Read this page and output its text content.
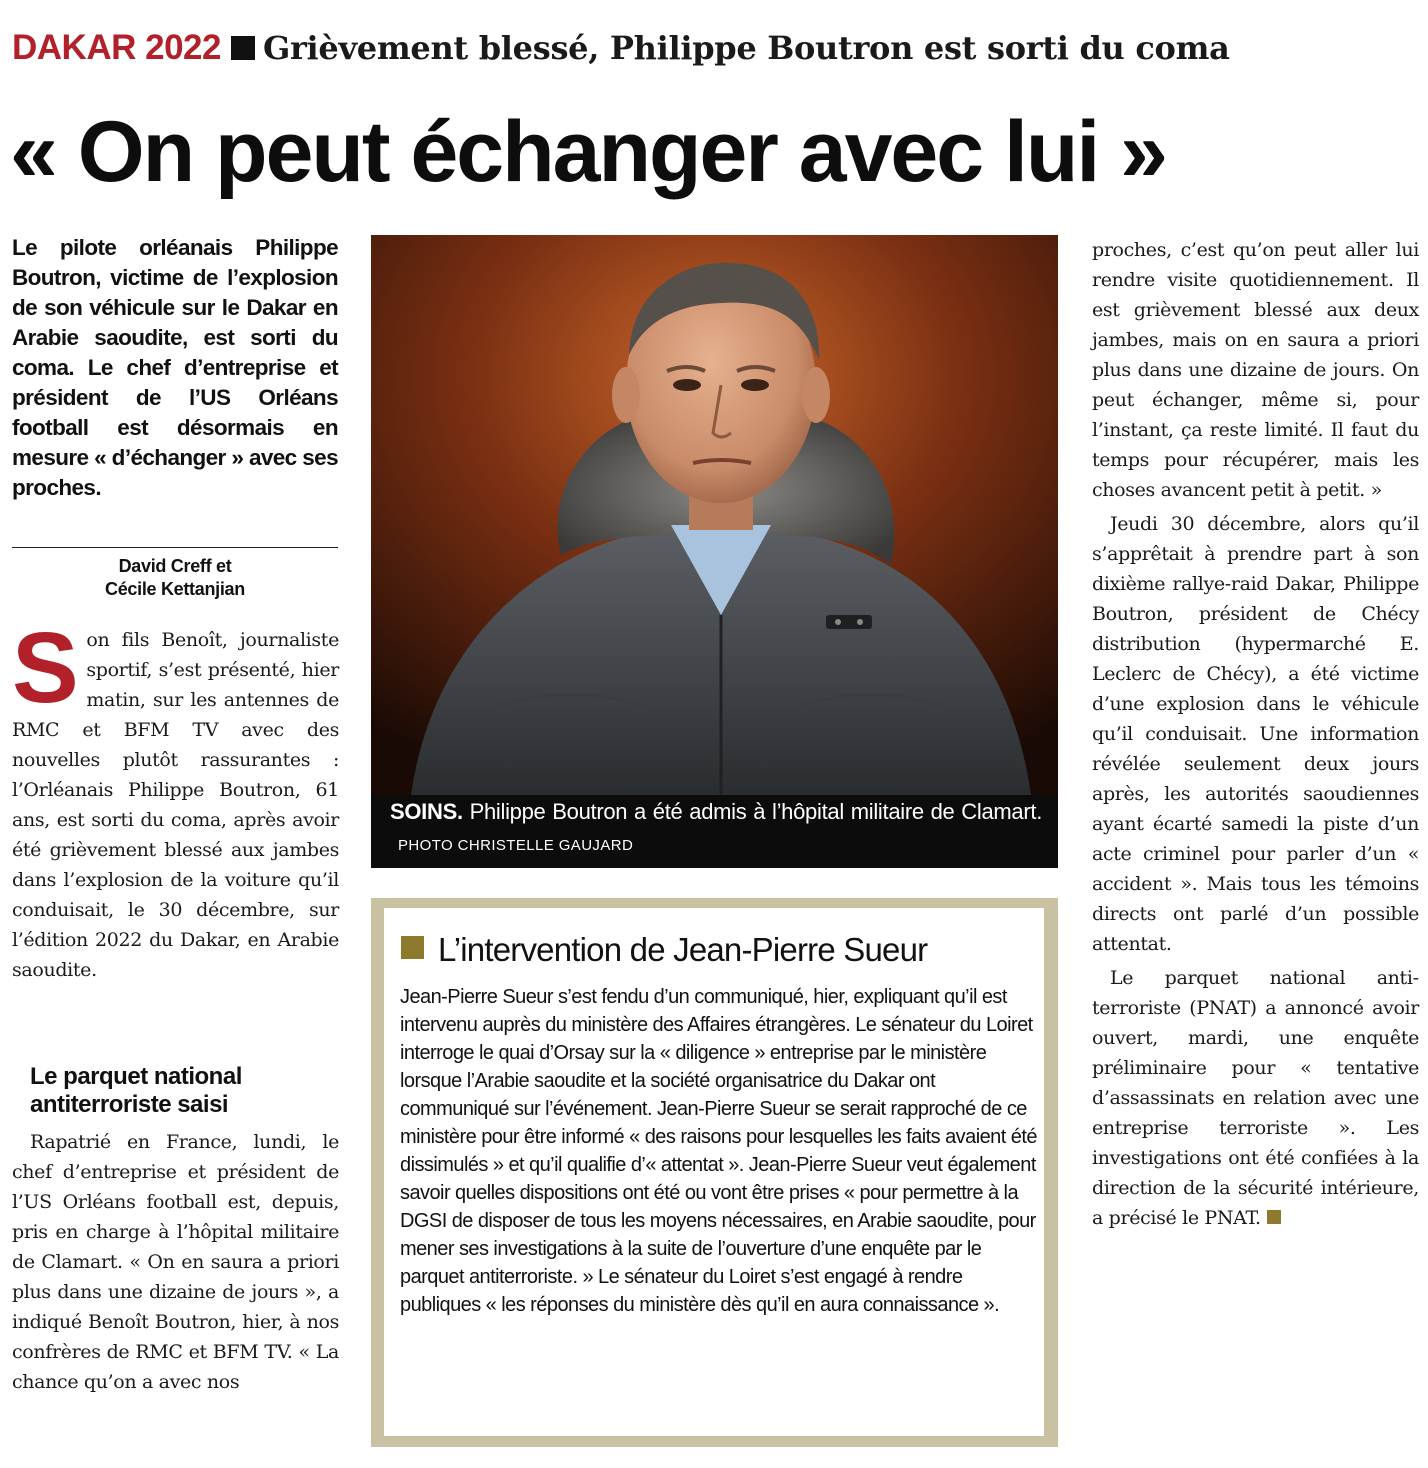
DAKAR 2022 Grièvement blessé, Philippe Boutron est sorti du coma
« On peut échanger avec lui »
Le pilote orléanais Philippe Boutron, victime de l’explosion de son véhicule sur le Dakar en Arabie saoudite, est sorti du coma. Le chef d’entreprise et président de l’US Orléans football est désormais en mesure « d’échanger » avec ses proches.
David Creff et
Cécile Kettanjian
Son fils Benoît, journaliste sportif, s’est présenté, hier matin, sur les antennes de RMC et BFM TV avec des nouvelles plutôt rassurantes : l’Orléanais Philippe Boutron, 61 ans, est sorti du coma, après avoir été grièvement blessé aux jambes dans l’explosion de la voiture qu’il conduisait, le 30 décembre, sur l’édition 2022 du Dakar, en Arabie saoudite.
Le parquet national antiterroriste saisi

Rapatrié en France, lundi, le chef d’entreprise et président de l’US Orléans football est, depuis, pris en charge à l’hôpital militaire de Clamart. « On en saura a priori plus dans une dizaine de jours », a indiqué Benoît Boutron, hier, à nos confrères de RMC et BFM TV. « La chance qu’on a avec nos

SOINS. Philippe Boutron a été admis à l’hôpital militaire de Clamart. PHOTO CHRISTELLE GAUJARD
L’intervention de Jean-Pierre Sueur
Jean-Pierre Sueur s’est fendu d’un communiqué, hier, expliquant qu’il est intervenu auprès du ministère des Affaires étrangères. Le sénateur du Loiret interroge le quai d’Orsay sur la « diligence » entreprise par le ministère lorsque l’Arabie saoudite et la société organisatrice du Dakar ont communiqué sur l’événement. Jean-Pierre Sueur se serait rapproché de ce ministère pour être informé « des raisons pour lesquelles les faits avaient été dissimulés » et qu’il qualifie d’« attentat ». Jean-Pierre Sueur veut également savoir quelles dispositions ont été ou vont être prises « pour permettre à la DGSI de disposer de tous les moyens nécessaires, en Arabie saoudite, pour mener ses investigations à la suite de l’ouverture d’une enquête par le parquet antiterroriste. » Le sénateur du Loiret s’est engagé à rendre publiques « les réponses du ministère dès qu’il en aura connaissance ».

proches, c’est qu’on peut aller lui rendre visite quotidiennement. Il est grièvement blessé aux deux jambes, mais on en saura a priori plus dans une dizaine de jours. On peut échanger, même si, pour l’instant, ça reste limité. Il faut du temps pour récupérer, mais les choses avancent petit à petit. »

Jeudi 30 décembre, alors qu’il s’apprêtait à prendre part à son dixième rallye-raid Dakar, Philippe Boutron, président de Chécy distribution (hypermarché E. Leclerc de Chécy), a été victime d’une explosion dans le véhicule qu’il conduisait. Une information révélée seulement deux jours après, les autorités saoudiennes ayant écarté samedi la piste d’un acte criminel pour parler d’un « accident ». Mais tous les témoins directs ont parlé d’un possible attentat.

Le parquet national antiterroriste (PNAT) a annoncé avoir ouvert, mardi, une enquête préliminaire pour « tentative d’assassinats en relation avec une entreprise terroriste ». Les investigations ont été confiées à la direction de la sécurité intérieure, a précisé le PNAT.
